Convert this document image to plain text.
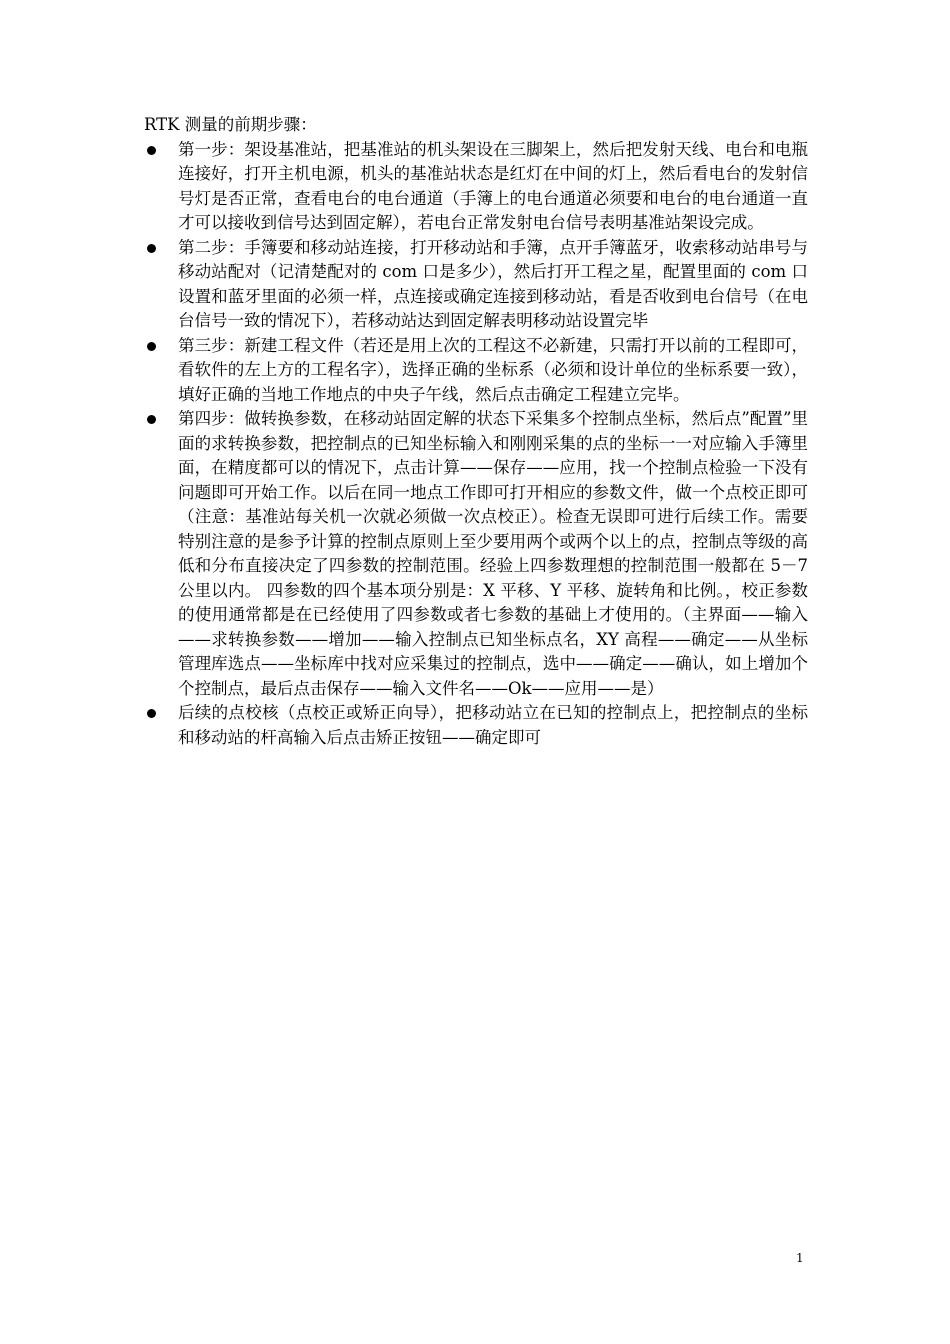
RTK 测量的前期步骤：

第一步：架设基准站，把基准站的机头架设在三脚架上，然后把发射天线、电台和电瓶连接好，打开主机电源，机头的基准站状态是红灯在中间的灯上，然后看电台的发射信号灯是否正常，查看电台的电台通道（手簿上的电台通道必须要和电台的电台通道一直才可以接收到信号达到固定解），若电台正常发射电台信号表明基准站架设完成。
第二步：手簿要和移动站连接，打开移动站和手簿，点开手簿蓝牙，收索移动站串号与移动站配对（记清楚配对的 com 口是多少），然后打开工程之星，配置里面的 com 口设置和蓝牙里面的必须一样，点连接或确定连接到移动站，看是否收到电台信号（在电台信号一致的情况下），若移动站达到固定解表明移动站设置完毕
第三步：新建工程文件（若还是用上次的工程这不必新建，只需打开以前的工程即可，看软件的左上方的工程名字），选择正确的坐标系（必须和设计单位的坐标系要一致），填好正确的当地工作地点的中央子午线，然后点击确定工程建立完毕。
第四步：做转换参数，在移动站固定解的状态下采集多个控制点坐标，然后点”配置”里面的求转换参数，把控制点的已知坐标输入和刚刚采集的点的坐标一一对应输入手簿里面，在精度都可以的情况下，点击计算——保存——应用，找一个控制点检验一下没有问题即可开始工作。以后在同一地点工作即可打开相应的参数文件，做一个点校正即可（注意：基准站每关机一次就必须做一次点校正）。检查无误即可进行后续工作。需要特别注意的是参予计算的控制点原则上至少要用两个或两个以上的点，控制点等级的高低和分布直接决定了四参数的控制范围。经验上四参数理想的控制范围一般都在 5－7 公里以内。 四参数的四个基本项分别是：X 平移、Y 平移、旋转角和比例。，校正参数的使用通常都是在已经使用了四参数或者七参数的基础上才使用的。（主界面——输入——求转换参数——增加——输入控制点已知坐标点名，XY 高程——确定——从坐标管理库选点——坐标库中找对应采集过的控制点，选中——确定——确认，如上增加个个控制点，最后点击保存——输入文件名——Ok——应用——是）
后续的点校核（点校正或矫正向导），把移动站立在已知的控制点上，把控制点的坐标和移动站的杆高输入后点击矫正按钮——确定即可
1
